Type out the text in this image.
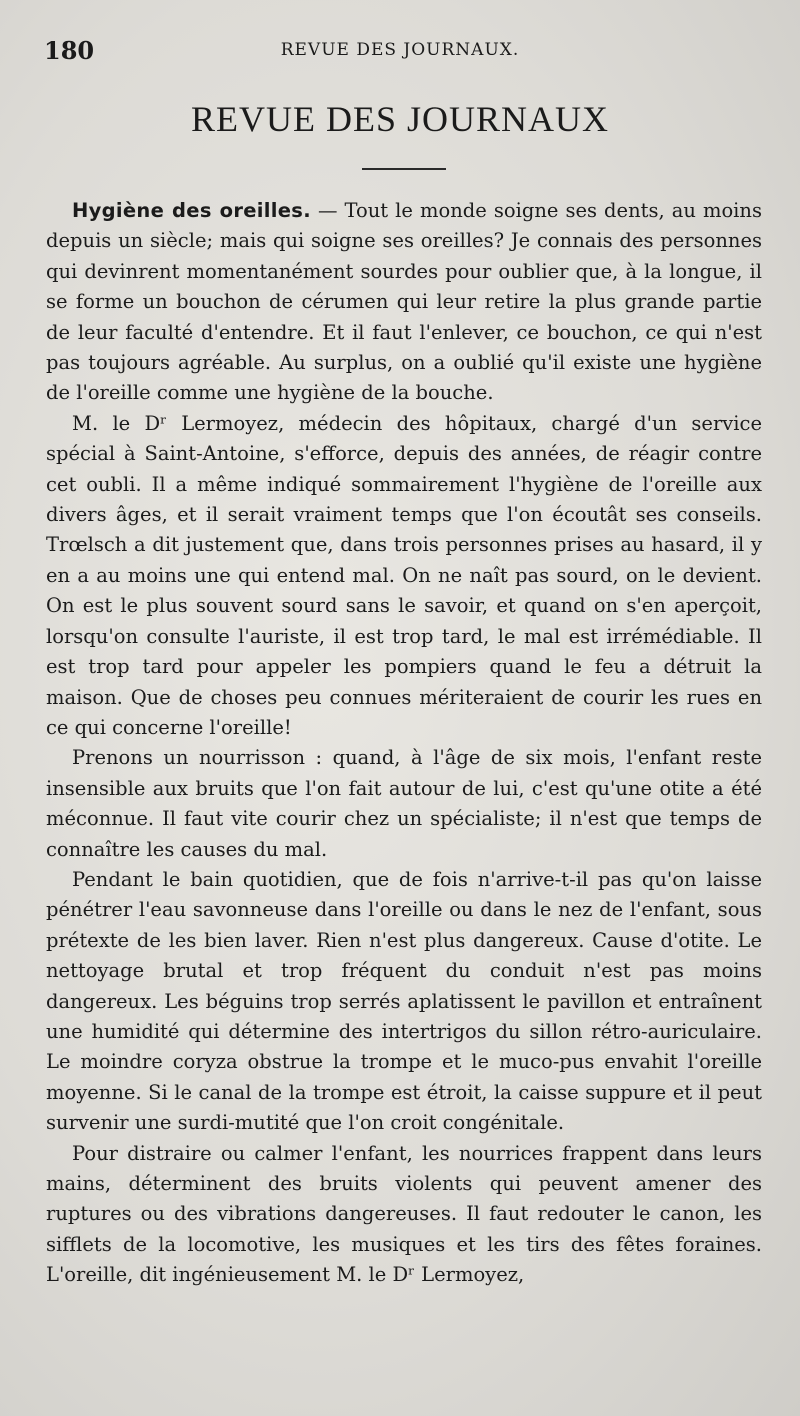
180	REVUE DES JOURNAUX.
REVUE DES JOURNAUX

Hygiène des oreilles. — Tout le monde soigne ses dents, au moins depuis un siècle; mais qui soigne ses oreilles? Je connais des personnes qui devinrent momentanément sourdes pour oublier que, à la longue, il se forme un bouchon de cérumen qui leur retire la plus grande partie de leur faculté d'entendre. Et il faut l'enlever, ce bouchon, ce qui n'est pas toujours agréable. Au surplus, on a oublié qu'il existe une hygiène de l'oreille comme une hygiène de la bouche.

M. le Dʳ Lermoyez, médecin des hôpitaux, chargé d'un service spécial à Saint-Antoine, s'efforce, depuis des années, de réagir contre cet oubli. Il a même indiqué sommairement l'hygiène de l'oreille aux divers âges, et il serait vraiment temps que l'on écoutât ses conseils. Trœlsch a dit justement que, dans trois personnes prises au hasard, il y en a au moins une qui entend mal. On ne naît pas sourd, on le devient. On est le plus souvent sourd sans le savoir, et quand on s'en aperçoit, lorsqu'on consulte l'auriste, il est trop tard, le mal est irrémédiable. Il est trop tard pour appeler les pompiers quand le feu a détruit la maison. Que de choses peu connues mériteraient de courir les rues en ce qui concerne l'oreille!

Prenons un nourrisson : quand, à l'âge de six mois, l'enfant reste insensible aux bruits que l'on fait autour de lui, c'est qu'une otite a été méconnue. Il faut vite courir chez un spécialiste; il n'est que temps de connaître les causes du mal.

Pendant le bain quotidien, que de fois n'arrive-t-il pas qu'on laisse pénétrer l'eau savonneuse dans l'oreille ou dans le nez de l'enfant, sous prétexte de les bien laver. Rien n'est plus dangereux. Cause d'otite. Le nettoyage brutal et trop fréquent du conduit n'est pas moins dangereux. Les béguins trop serrés aplatissent le pavillon et entraînent une humidité qui détermine des intertrigos du sillon rétro-auriculaire. Le moindre coryza obstrue la trompe et le muco-pus envahit l'oreille moyenne. Si le canal de la trompe est étroit, la caisse suppure et il peut survenir une surdi-mutité que l'on croit congénitale.

Pour distraire ou calmer l'enfant, les nourrices frappent dans leurs mains, déterminent des bruits violents qui peuvent amener des ruptures ou des vibrations dangereuses. Il faut redouter le canon, les sifflets de la locomotive, les musiques et les tirs des fêtes foraines. L'oreille, dit ingénieusement M. le Dʳ Lermoyez,
